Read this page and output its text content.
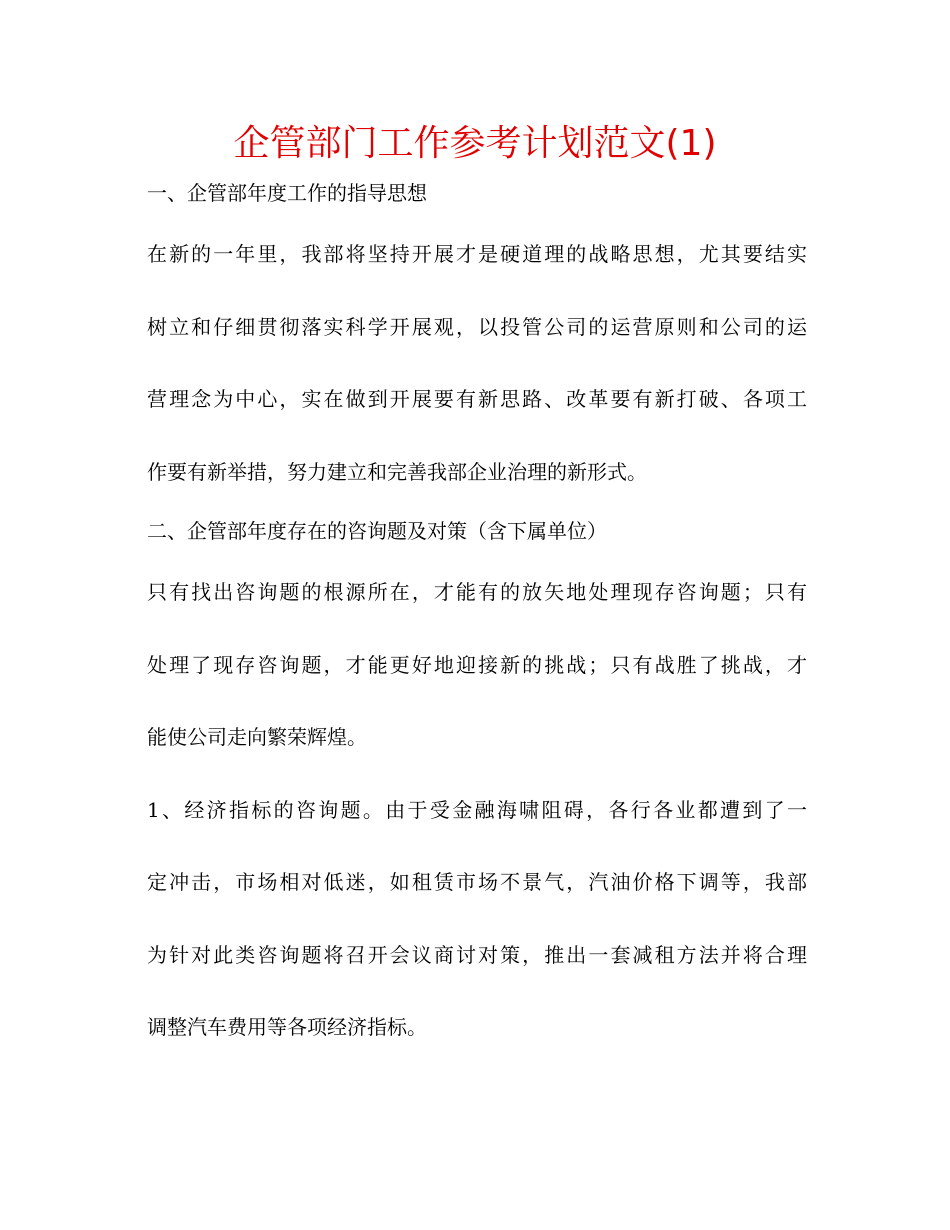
企管部门工作参考计划范文(1)

一、企管部年度工作的指导思想

在新的一年里，我部将坚持开展才是硬道理的战略思想，尤其要结实
树立和仔细贯彻落实科学开展观，以投管公司的运营原则和公司的运
营理念为中心，实在做到开展要有新思路、改革要有新打破、各项工
作要有新举措，努力建立和完善我部企业治理的新形式。

二、企管部年度存在的咨询题及对策（含下属单位）

只有找出咨询题的根源所在，才能有的放矢地处理现存咨询题；只有
处理了现存咨询题，才能更好地迎接新的挑战；只有战胜了挑战，才
能使公司走向繁荣辉煌。

1、经济指标的咨询题。由于受金融海啸阻碍，各行各业都遭到了一
定冲击，市场相对低迷，如租赁市场不景气，汽油价格下调等，我部
为针对此类咨询题将召开会议商讨对策，推出一套减租方法并将合理
调整汽车费用等各项经济指标。
